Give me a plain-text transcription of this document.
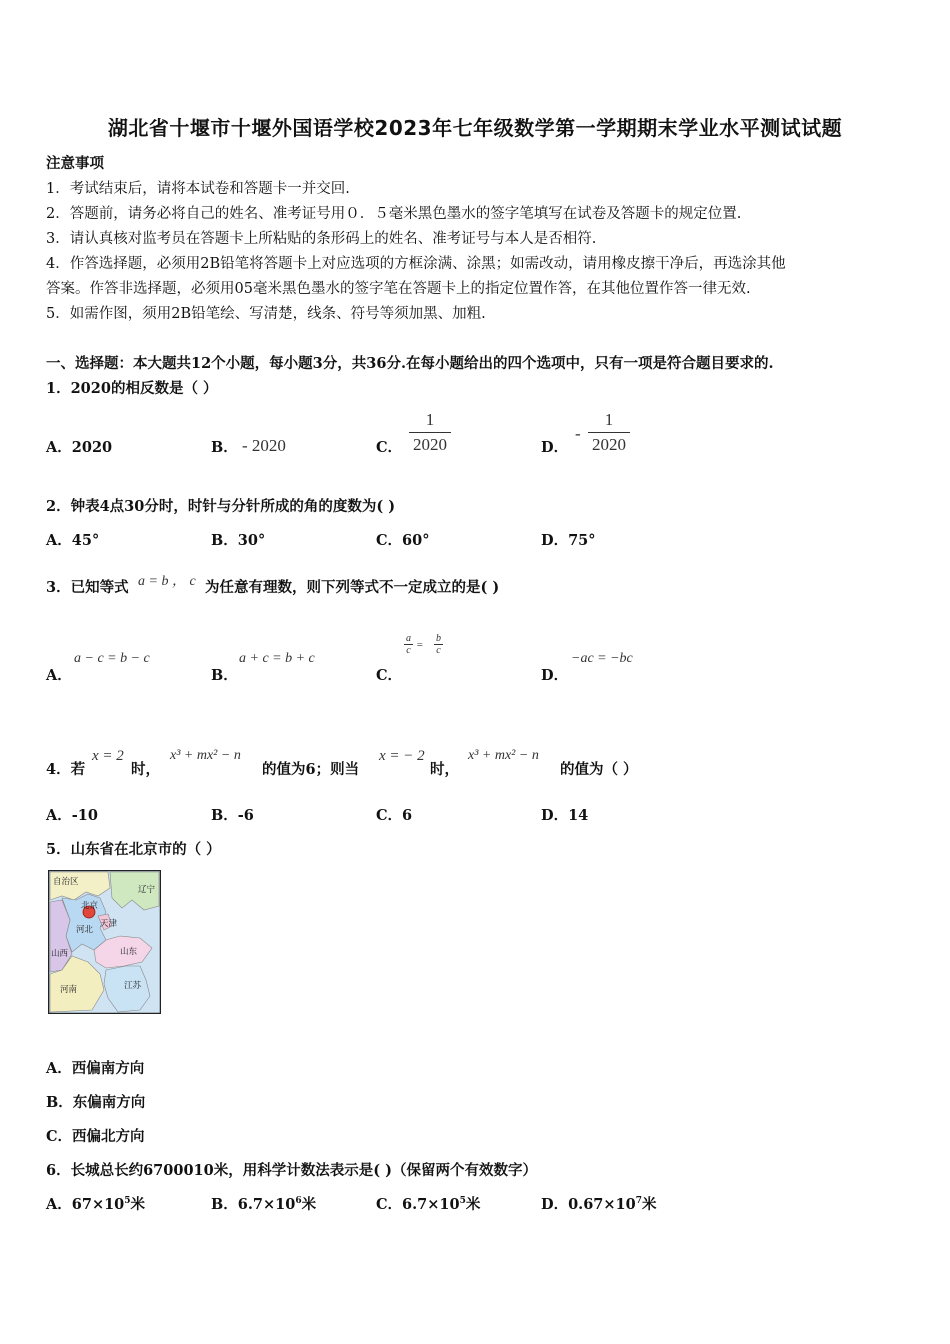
湖北省十堰市十堰外国语学校2023年七年级数学第一学期期末学业水平测试试题
注意事项
1．考试结束后，请将本试卷和答题卡一并交回.
2．答题前，请务必将自己的姓名、准考证号用０．５毫米黑色墨水的签字笔填写在试卷及答题卡的规定位置.
3．请认真核对监考员在答题卡上所粘贴的条形码上的姓名、准考证号与本人是否相符.
4．作答选择题，必须用2B铅笔将答题卡上对应选项的方框涂满、涂黑；如需改动，请用橡皮擦干净后，再选涂其他
答案。作答非选择题，必须用05毫米黑色墨水的签字笔在答题卡上的指定位置作答，在其他位置作答一律无效.
5．如需作图，须用2B铅笔绘、写清楚，线条、符号等须加黑、加粗.
一、选择题：本大题共12个小题，每小题3分，共36分.在每小题给出的四个选项中，只有一项是符合题目要求的.
1．2020的相反数是（ ）
A．2020	B． - 2020	C．
1
2020	D．
-
1
2020
2．钟表4点30分时，时针与分针所成的角的度数为( )
A．45°	B．30°	C．60°	D．75°
3．已知等式 a = b ， c 为任意有理数，则下列等式不一定成立的是( )
A．
a − c = b − c
B．
a + c = b + c
C．
a
c =
b
c
D．
−ac = −bc
4．若
x = 2
时，
x³ + mx² − n
的值为6；则当
x = − 2
时，
x³ + mx² − n
的值为（ ）
A．-10	B．-6	C．6	D．14
5．山东省在北京市的（ ）
自治区
北京
天津
辽宁
河北
山东
山西
河南	江苏
A．西偏南方向
B．东偏南方向
C．西偏北方向
6．长城总长约6700010米，用科学计数法表示是( )（保留两个有效数字）
A．$67\times 10^5$米	B．$6.7\times 10^6$米	C．$6.7\times 10^5$米	D．$0.67\times 10^7$米
